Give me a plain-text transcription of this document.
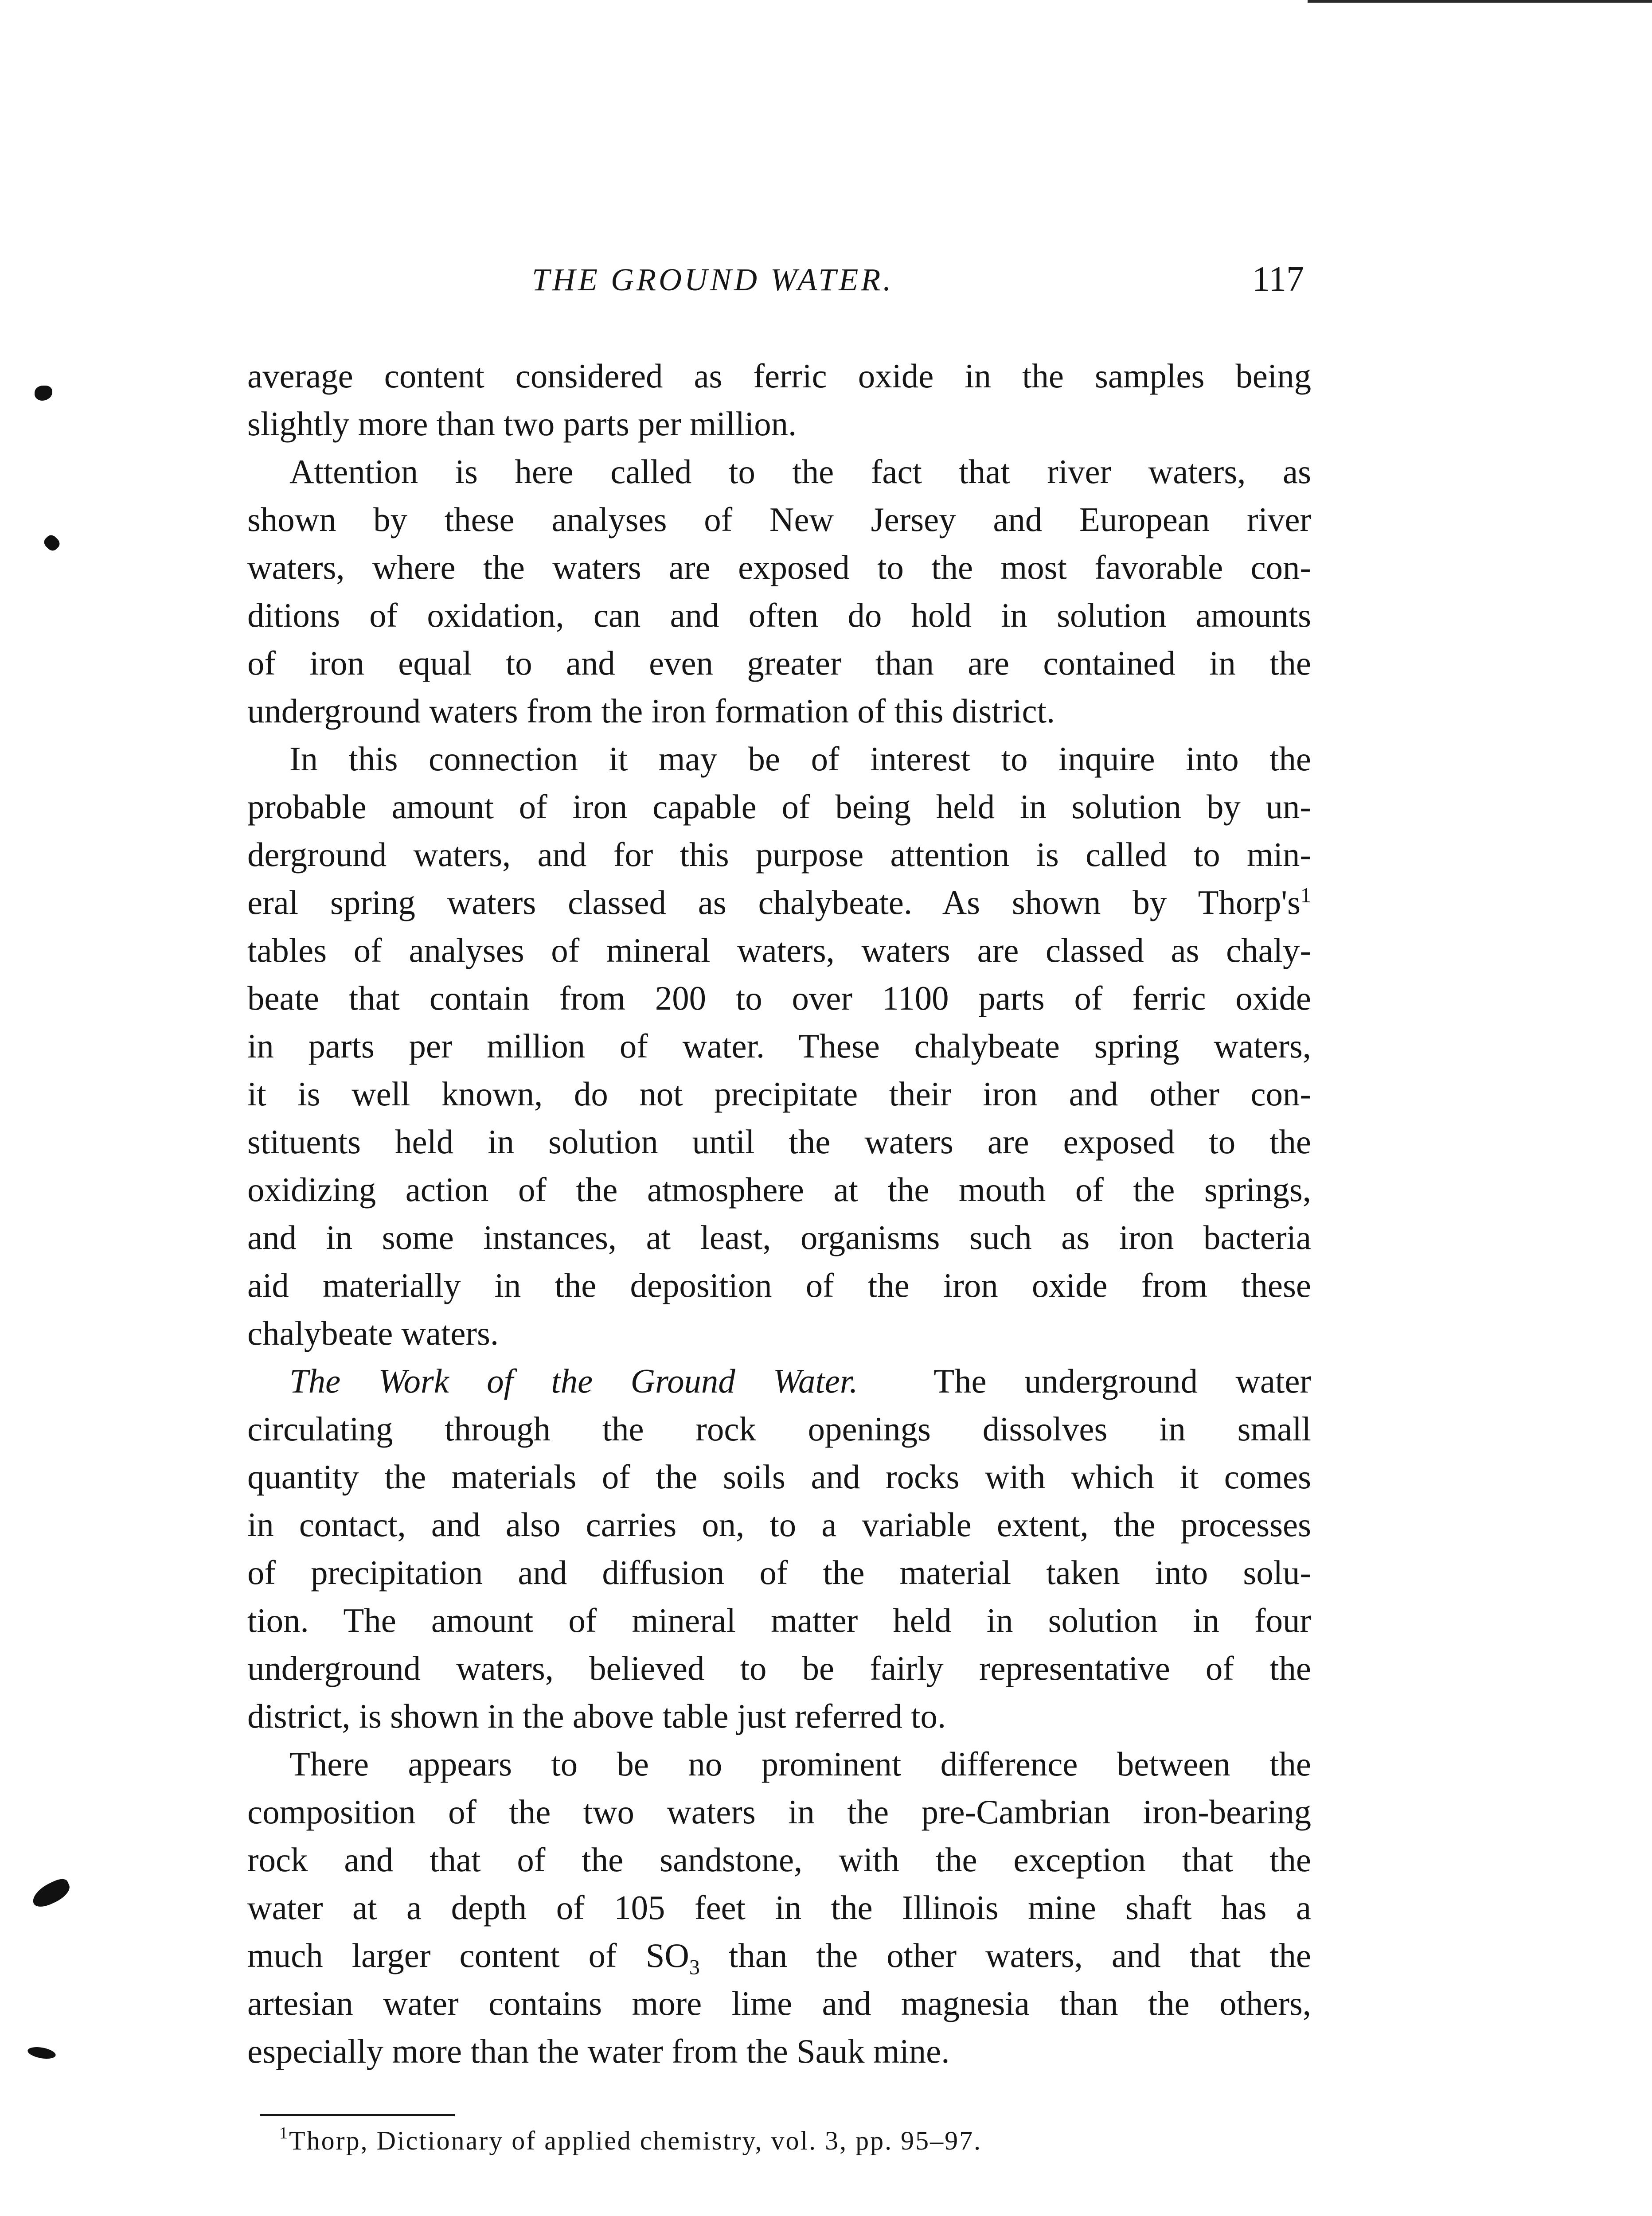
THE GROUND WATER.	117

average content considered as ferric oxide in the samples being
slightly more than two parts per million.

Attention is here called to the fact that river waters, as
shown by these analyses of New Jersey and European river
waters, where the waters are exposed to the most favorable con-
ditions of oxidation, can and often do hold in solution amounts
of iron equal to and even greater than are contained in the
underground waters from the iron formation of this district.

In this connection it may be of interest to inquire into the
probable amount of iron capable of being held in solution by un-
derground waters, and for this purpose attention is called to min-
eral spring waters classed as chalybeate. As shown by $Thorp's^1$
tables of analyses of mineral waters, waters are classed as chaly-
beate that contain from 200 to over 1100 parts of ferric oxide
in parts per million of water. These chalybeate spring waters,
it is well known, do not precipitate their iron and other con-
stituents held in solution until the waters are exposed to the
oxidizing action of the atmosphere at the mouth of the springs,
and in some instances, at least, organisms such as iron bacteria
aid materially in the deposition of the iron oxide from these
chalybeate waters.

The Work of the Ground Water. The underground water
circulating through the rock openings dissolves in small
quantity the materials of the soils and rocks with which it comes
in contact, and also carries on, to a variable extent, the processes
of precipitation and diffusion of the material taken into solu-
tion. The amount of mineral matter held in solution in four
underground waters, believed to be fairly representative of the
district, is shown in the above table just referred to.

There appears to be no prominent difference between the
composition of the two waters in the pre-Cambrian iron-bearing
rock and that of the sandstone, with the exception that the
water at a depth of 105 feet in the Illinois mine shaft has a
much larger content of $SO_3$ than the other waters, and that the
artesian water contains more lime and magnesia than the others,
especially more than the water from the Sauk mine.

$^1$Thorp, Dictionary of applied chemistry, vol. 3, pp. 95–97.
